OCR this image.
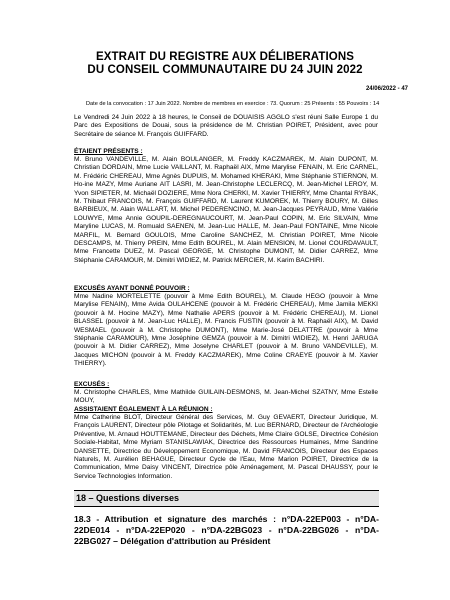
EXTRAIT DU REGISTRE AUX DÉLIBERATIONS
DU CONSEIL COMMUNAUTAIRE DU 24 JUIN 2022
24/06/2022 - 47
Date de la convocation : 17 Juin 2022. Nombre de membres en exercice : 73. Quorum : 25 Présents : 55 Pouvoirs : 14
Le Vendredi 24 Juin 2022 à 18 heures, le Conseil de DOUAISIS AGGLO s'est réuni Salle Europe 1 du Parc des Expositions de Douai, sous la présidence de M. Christian POIRET, Président, avec pour Secrétaire de séance M. François GUIFFARD.
ÉTAIENT PRÉSENTS :
M. Bruno VANDEVILLE, M. Alain BOULANGER, M. Freddy KACZMAREK, M. Alain DUPONT, M. Christian DORDAIN, Mme Lucie VAILLANT, M. Raphaël AIX, Mme Marylise FENAIN, M. Eric CARNEL, M. Frédéric CHEREAU, Mme Agnès DUPUIS, M. Mohamed KHERAKI, Mme Stéphanie STIERNON, M. Ho-ine MAZY, Mme Auriane AIT LASRI, M. Jean-Christophe LECLERCQ, M. Jean-Michel LEROY, M. Yvon SIPIETER, M. Michaël DOZIERE, Mme Nora CHERKI, M. Xavier THIERRY, Mme Chantal RYBAK, M. Thibaut FRANCOIS, M. François GUIFFARD, M. Laurent KUMOREK, M. Thierry BOURY, M. Gilles BARBIEUX, M. Alain WALLART, M. Michel PEDERENCINO, M. Jean-Jacques PEYRAUD, Mme Valérie LOUWYE, Mme Annie GOUPIL-DEREGNAUCOURT, M. Jean-Paul COPIN, M. Eric SILVAIN, Mme Maryline LUCAS, M. Romuald SAENEN, M. Jean-Luc HALLE, M. Jean-Paul FONTAINE, Mme Nicole MARFIL, M. Bernard GOULOIS, Mme Caroline SANCHEZ, M. Christian POIRET, Mme Nicole DESCAMPS, M. Thierry PREIN, Mme Edith BOUREL, M. Alain MENSION, M. Lionel COURDAVAULT, Mme Francette DUEZ, M. Pascal GEORGE, M. Christophe DUMONT, M. Didier CARREZ, Mme Stéphanie CARAMOUR, M. Dimitri WIDIEZ, M. Patrick MERCIER, M. Karim BACHIRI.
EXCUSÉS AYANT DONNÉ POUVOIR :
Mme Nadine MORTELETTE (pouvoir à Mme Edith BOUREL), M. Claude HEGO (pouvoir à Mme Marylise FENAIN), Mme Avida OULAHCENE (pouvoir à M. Frédéric CHEREAU), Mme Jamila MEKKI (pouvoir à M. Hocine MAZY), Mme Nathalie APERS (pouvoir à M. Frédéric CHEREAU), M. Lionel BLASSEL (pouvoir à M. Jean-Luc HALLE), M. Francis FUSTIN (pouvoir à M. Raphaël AIX), M. David WESMAEL (pouvoir à M. Christophe DUMONT), Mme Marie-José DELATTRE (pouvoir à Mme Stéphanie CARAMOUR), Mme Joséphine GEMZA (pouvoir à M. Dimitri WIDIEZ), M. Henri JARUGA (pouvoir à M. Didier CARREZ), Mme Joselyne CHARLET (pouvoir à M. Bruno VANDEVILLE), M. Jacques MICHON (pouvoir à M. Freddy KACZMAREK), Mme Coline CRAEYE (pouvoir à M. Xavier THIERRY).
EXCUSÉS :
M. Christophe CHARLES, Mme Mathilde GUILAIN-DESMONS, M. Jean-Michel SZATNY, Mme Estelle MOUY,
ASSISTAIENT ÉGALEMENT À LA RÉUNION :
Mme Catherine BLOT, Directeur Général des Services, M. Guy GEVAERT, Directeur Juridique, M. François LAURENT, Directeur pôle Pilotage et Solidarités, M. Luc BERNARD, Directeur de l'Archéologie Préventive, M. Arnaud HOUTTEMANE, Directeur des Déchets, Mme Claire GOLSE, Directrice Cohésion Sociale-Habitat, Mme Myriam STANISLAWIAK, Directrice des Ressources Humaines, Mme Sandrine DANSETTE, Directrice du Développement Economique, M. David FRANCOIS, Directeur des Espaces Naturels, M. Aurélien BEHAGUE, Directeur Cycle de l'Eau, Mme Marion POIRET, Directrice de la Communication, Mme Daisy VINCENT, Directrice pôle Aménagement, M. Pascal DHAUSSY, pour le Service Technologies Information.
18 – Questions diverses
18.3 - Attribution et signature des marchés : n°DA-22EP003 - n°DA-22DE014 - n°DA-22EP020 - n°DA-22BG023 - n°DA-22BG026 - n°DA-22BG027 – Délégation d'attribution au Président
